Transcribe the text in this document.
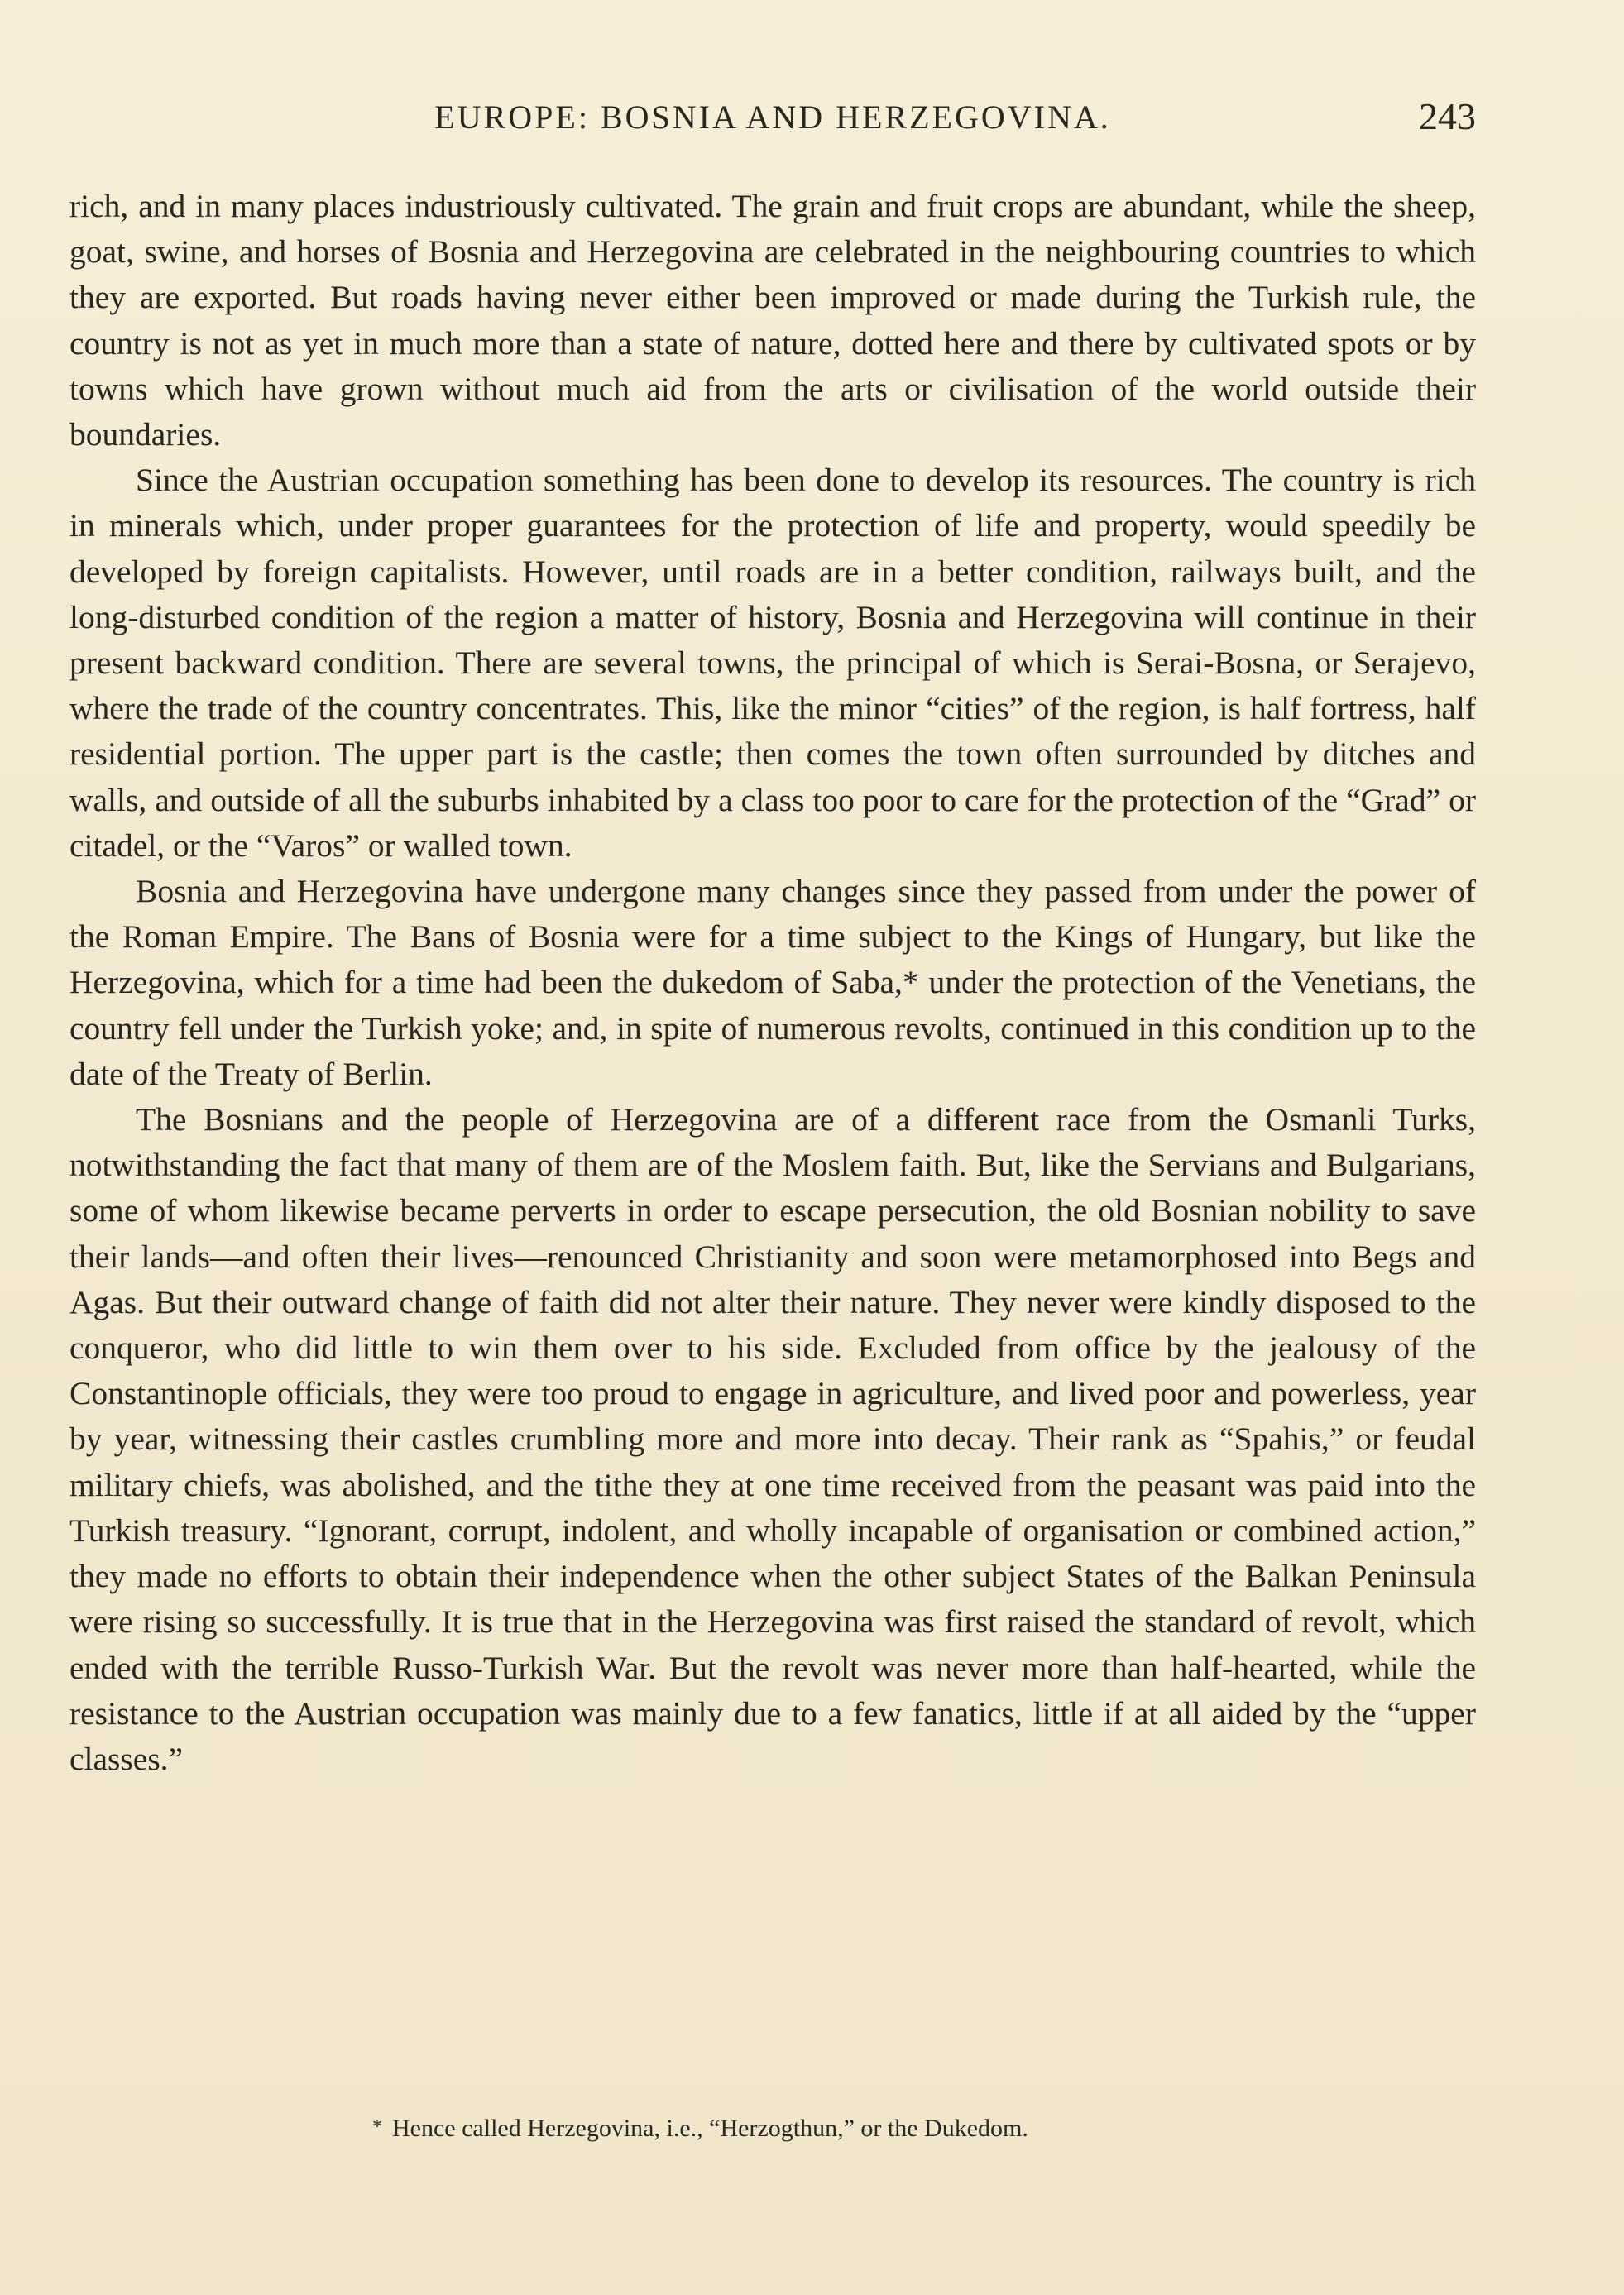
EUROPE: BOSNIA AND HERZEGOVINA.	243

rich, and in many places industriously cultivated. The grain and fruit crops are abundant, while the sheep, goat, swine, and horses of Bosnia and Herzegovina are celebrated in the neighbouring countries to which they are exported. But roads having never either been improved or made during the Turkish rule, the country is not as yet in much more than a state of nature, dotted here and there by cultivated spots or by towns which have grown without much aid from the arts or civilisation of the world outside their boundaries.

Since the Austrian occupation something has been done to develop its resources. The country is rich in minerals which, under proper guarantees for the protection of life and property, would speedily be developed by foreign capitalists. However, until roads are in a better condition, railways built, and the long-disturbed condition of the region a matter of history, Bosnia and Herzegovina will continue in their present backward condition. There are several towns, the principal of which is Serai-Bosna, or Serajevo, where the trade of the country concentrates. This, like the minor “cities” of the region, is half fortress, half residential portion. The upper part is the castle; then comes the town often surrounded by ditches and walls, and outside of all the suburbs inhabited by a class too poor to care for the protection of the “Grad” or citadel, or the “Varos” or walled town.

Bosnia and Herzegovina have undergone many changes since they passed from under the power of the Roman Empire. The Bans of Bosnia were for a time subject to the Kings of Hungary, but like the Herzegovina, which for a time had been the dukedom of Saba,* under the protection of the Venetians, the country fell under the Turkish yoke; and, in spite of numerous revolts, continued in this condition up to the date of the Treaty of Berlin.

The Bosnians and the people of Herzegovina are of a different race from the Osmanli Turks, notwithstanding the fact that many of them are of the Moslem faith. But, like the Servians and Bulgarians, some of whom likewise became perverts in order to escape persecution, the old Bosnian nobility to save their lands—and often their lives—renounced Christianity and soon were metamorphosed into Begs and Agas. But their outward change of faith did not alter their nature. They never were kindly disposed to the conqueror, who did little to win them over to his side. Excluded from office by the jealousy of the Constantinople officials, they were too proud to engage in agriculture, and lived poor and powerless, year by year, witnessing their castles crumbling more and more into decay. Their rank as “Spahis,” or feudal military chiefs, was abolished, and the tithe they at one time received from the peasant was paid into the Turkish treasury. “Ignorant, corrupt, indolent, and wholly incapable of organisation or combined action,” they made no efforts to obtain their independence when the other subject States of the Balkan Peninsula were rising so successfully. It is true that in the Herzegovina was first raised the standard of revolt, which ended with the terrible Russo-Turkish War. But the revolt was never more than half-hearted, while the resistance to the Austrian occupation was mainly due to a few fanatics, little if at all aided by the “upper classes.”

* Hence called Herzegovina, i.e., “Herzogthun,” or the Dukedom.
